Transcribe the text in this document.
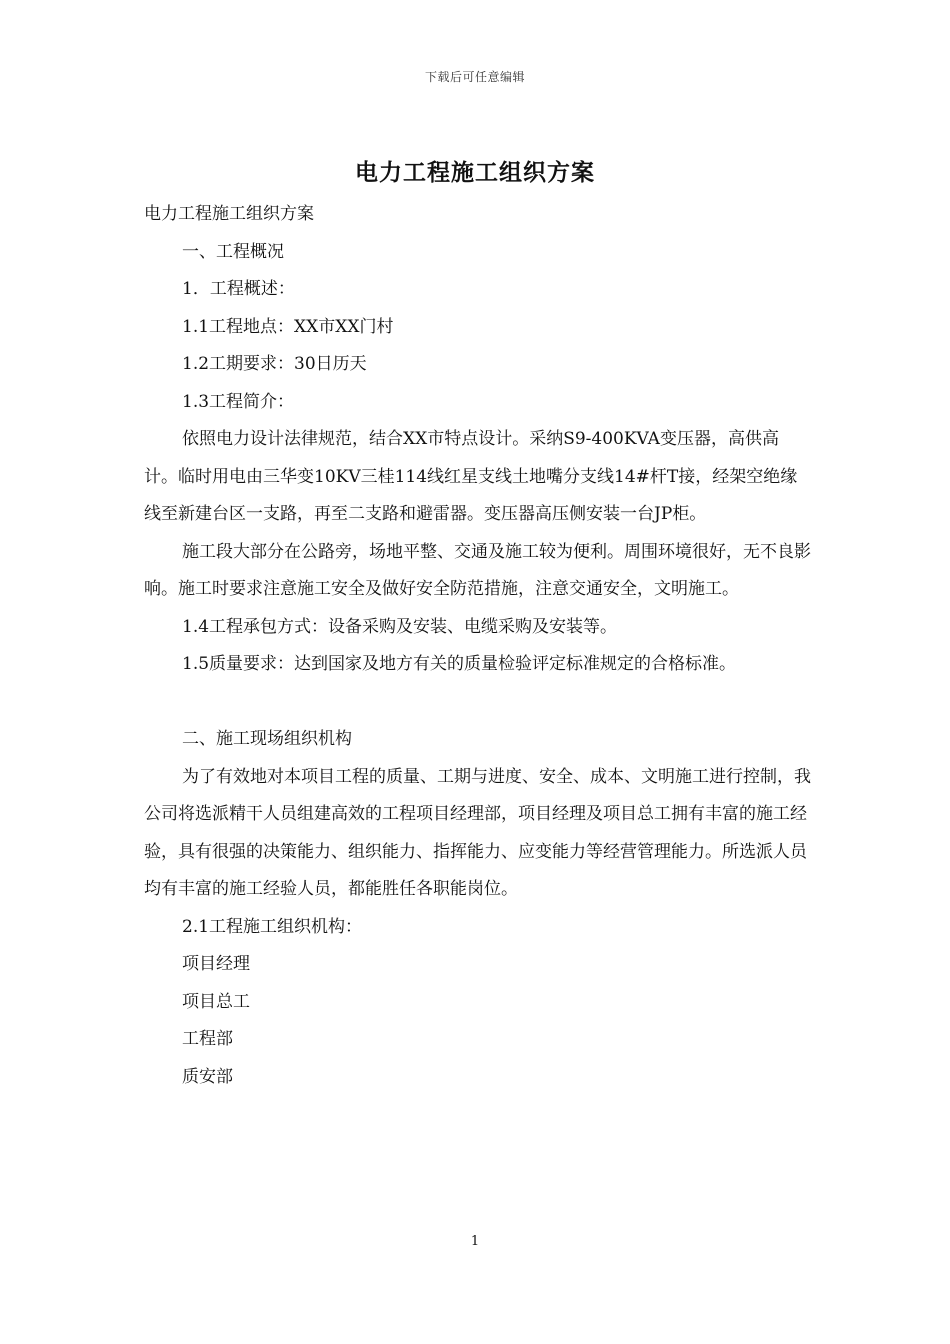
下载后可任意编辑
电力工程施工组织方案

电力工程施工组织方案

一、工程概况

1．工程概述：

1.1工程地点：XX市XX门村

1.2工期要求：30日历天

1.3工程简介：

依照电力设计法律规范，结合XX市特点设计。采纳S9-400KVA变压器，高供高计。临时用电由三华变10KV三桂114线红星支线土地嘴分支线14#杆T接，经架空绝缘线至新建台区一支路，再至二支路和避雷器。变压器高压侧安装一台JP柜。

施工段大部分在公路旁，场地平整、交通及施工较为便利。周围环境很好，无不良影响。施工时要求注意施工安全及做好安全防范措施，注意交通安全，文明施工。

1.4工程承包方式：设备采购及安装、电缆采购及安装等。

1.5质量要求：达到国家及地方有关的质量检验评定标准规定的合格标准。

二、施工现场组织机构

为了有效地对本项目工程的质量、工期与进度、安全、成本、文明施工进行控制，我公司将选派精干人员组建高效的工程项目经理部，项目经理及项目总工拥有丰富的施工经验，具有很强的决策能力、组织能力、指挥能力、应变能力等经营管理能力。所选派人员均有丰富的施工经验人员，都能胜任各职能岗位。

2.1工程施工组织机构：

项目经理

项目总工

工程部

质安部

1
